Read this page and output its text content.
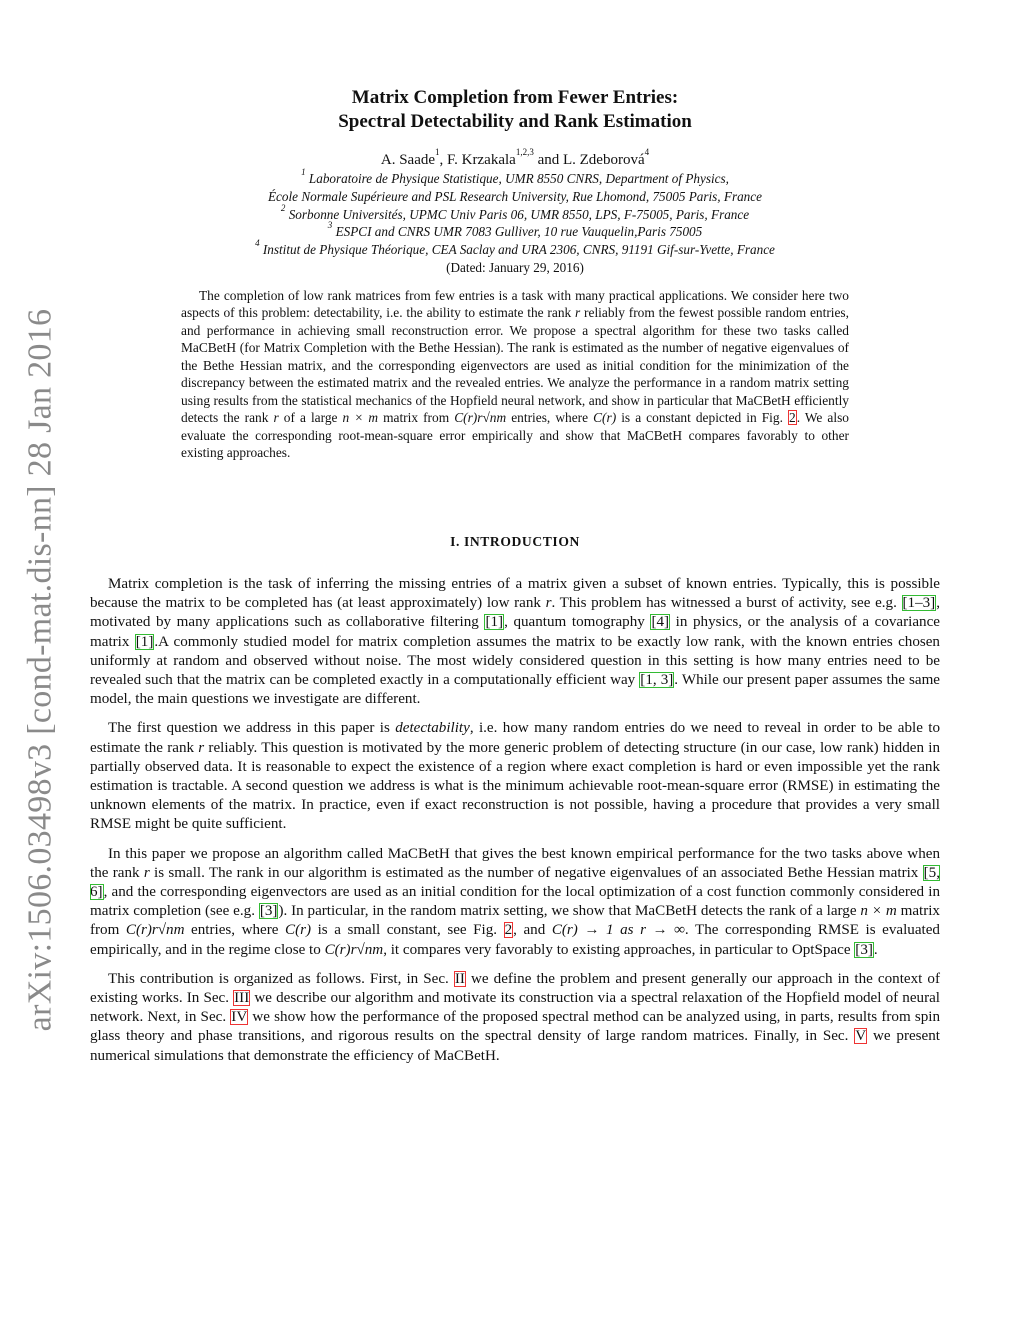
arXiv:1506.03498v3 [cond-mat.dis-nn] 28 Jan 2016
Matrix Completion from Fewer Entries:
Spectral Detectability and Rank Estimation
A. Saade$^1$, F. Krzakala$^{1,2,3}$ and L. Zdeborová$^4$
$^1$ Laboratoire de Physique Statistique, UMR 8550 CNRS, Department of Physics,
École Normale Supérieure and PSL Research University, Rue Lhomond, 75005 Paris, France
$^2$ Sorbonne Universités, UPMC Univ Paris 06, UMR 8550, LPS, F-75005, Paris, France
$^3$ ESPCI and CNRS UMR 7083 Gulliver, 10 rue Vauquelin,Paris 75005
$^4$ Institut de Physique Théorique, CEA Saclay and URA 2306, CNRS, 91191 Gif-sur-Yvette, France
(Dated: January 29, 2016)
The completion of low rank matrices from few entries is a task with many practical applications. We consider here two aspects of this problem: detectability, i.e. the ability to estimate the rank r reliably from the fewest possible random entries, and performance in achieving small reconstruction error. We propose a spectral algorithm for these two tasks called MaCBetH (for Matrix Completion with the Bethe Hessian). The rank is estimated as the number of negative eigenvalues of the Bethe Hessian matrix, and the corresponding eigenvectors are used as initial condition for the minimization of the discrepancy between the estimated matrix and the revealed entries. We analyze the performance in a random matrix setting using results from the statistical mechanics of the Hopfield neural network, and show in particular that MaCBetH efficiently detects the rank r of a large n × m matrix from C(r)r√nm entries, where C(r) is a constant depicted in Fig. 2. We also evaluate the corresponding root-mean-square error empirically and show that MaCBetH compares favorably to other existing approaches.
I. INTRODUCTION

Matrix completion is the task of inferring the missing entries of a matrix given a subset of known entries. Typically, this is possible because the matrix to be completed has (at least approximately) low rank r. This problem has witnessed a burst of activity, see e.g. [1–3], motivated by many applications such as collaborative filtering [1], quantum tomography [4] in physics, or the analysis of a covariance matrix [1].A commonly studied model for matrix completion assumes the matrix to be exactly low rank, with the known entries chosen uniformly at random and observed without noise. The most widely considered question in this setting is how many entries need to be revealed such that the matrix can be completed exactly in a computationally efficient way [1, 3]. While our present paper assumes the same model, the main questions we investigate are different.

The first question we address in this paper is detectability, i.e. how many random entries do we need to reveal in order to be able to estimate the rank r reliably. This question is motivated by the more generic problem of detecting structure (in our case, low rank) hidden in partially observed data. It is reasonable to expect the existence of a region where exact completion is hard or even impossible yet the rank estimation is tractable. A second question we address is what is the minimum achievable root-mean-square error (RMSE) in estimating the unknown elements of the matrix. In practice, even if exact reconstruction is not possible, having a procedure that provides a very small RMSE might be quite sufficient.

In this paper we propose an algorithm called MaCBetH that gives the best known empirical performance for the two tasks above when the rank r is small. The rank in our algorithm is estimated as the number of negative eigenvalues of an associated Bethe Hessian matrix [5, 6], and the corresponding eigenvectors are used as an initial condition for the local optimization of a cost function commonly considered in matrix completion (see e.g. [3]). In particular, in the random matrix setting, we show that MaCBetH detects the rank of a large n × m matrix from C(r)r√nm entries, where C(r) is a small constant, see Fig. 2, and C(r) → 1 as r → ∞. The corresponding RMSE is evaluated empirically, and in the regime close to C(r)r√nm, it compares very favorably to existing approaches, in particular to OptSpace [3].

This contribution is organized as follows. First, in Sec. II we define the problem and present generally our approach in the context of existing works. In Sec. III we describe our algorithm and motivate its construction via a spectral relaxation of the Hopfield model of neural network. Next, in Sec. IV we show how the performance of the proposed spectral method can be analyzed using, in parts, results from spin glass theory and phase transitions, and rigorous results on the spectral density of large random matrices. Finally, in Sec. V we present numerical simulations that demonstrate the efficiency of MaCBetH.
